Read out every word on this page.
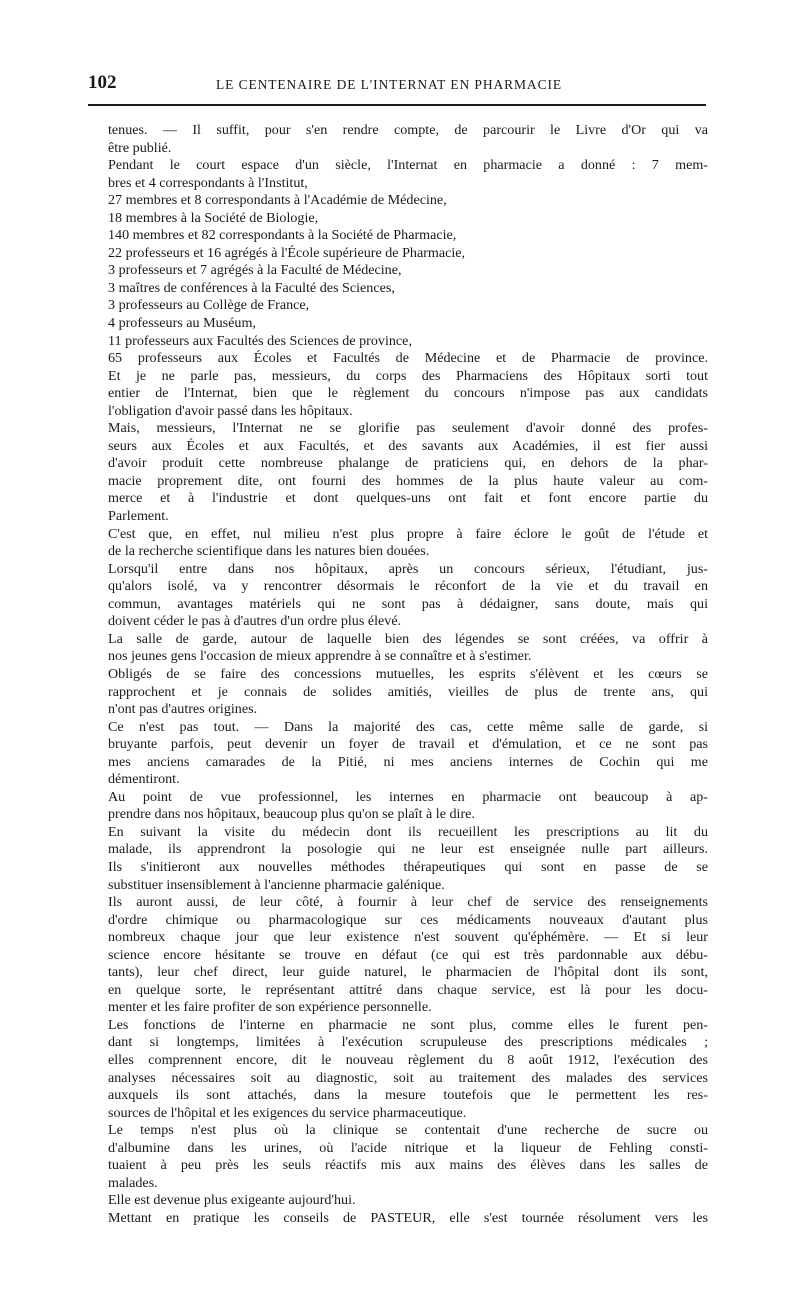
102	LE CENTENAIRE DE L'INTERNAT EN PHARMACIE
tenues. — Il suffit, pour s'en rendre compte, de parcourir le Livre d'Or qui va
être publié.
Pendant le court espace d'un siècle, l'Internat en pharmacie a donné : 7 mem-
bres et 4 correspondants à l'Institut,
27 membres et 8 correspondants à l'Académie de Médecine,
18 membres à la Société de Biologie,
140 membres et 82 correspondants à la Société de Pharmacie,
22 professeurs et 16 agrégés à l'École supérieure de Pharmacie,
3 professeurs et 7 agrégés à la Faculté de Médecine,
3 maîtres de conférences à la Faculté des Sciences,
3 professeurs au Collège de France,
4 professeurs au Muséum,
11 professeurs aux Facultés des Sciences de province,
65 professeurs aux Écoles et Facultés de Médecine et de Pharmacie de province.
Et je ne parle pas, messieurs, du corps des Pharmaciens des Hôpitaux sorti tout
entier de l'Internat, bien que le règlement du concours n'impose pas aux candidats
l'obligation d'avoir passé dans les hôpitaux.
Mais, messieurs, l'Internat ne se glorifie pas seulement d'avoir donné des profes-
seurs aux Écoles et aux Facultés, et des savants aux Académies, il est fier aussi
d'avoir produit cette nombreuse phalange de praticiens qui, en dehors de la phar-
macie proprement dite, ont fourni des hommes de la plus haute valeur au com-
merce et à l'industrie et dont quelques-uns ont fait et font encore partie du
Parlement.
C'est que, en effet, nul milieu n'est plus propre à faire éclore le goût de l'étude et
de la recherche scientifique dans les natures bien douées.
Lorsqu'il entre dans nos hôpitaux, après un concours sérieux, l'étudiant, jus-
qu'alors isolé, va y rencontrer désormais le réconfort de la vie et du travail en
commun, avantages matériels qui ne sont pas à dédaigner, sans doute, mais qui
doivent céder le pas à d'autres d'un ordre plus élevé.
La salle de garde, autour de laquelle bien des légendes se sont créées, va offrir à
nos jeunes gens l'occasion de mieux apprendre à se connaître et à s'estimer.
Obligés de se faire des concessions mutuelles, les esprits s'élèvent et les cœurs se
rapprochent et je connais de solides amitiés, vieilles de plus de trente ans, qui
n'ont pas d'autres origines.
Ce n'est pas tout. — Dans la majorité des cas, cette même salle de garde, si
bruyante parfois, peut devenir un foyer de travail et d'émulation, et ce ne sont pas
mes anciens camarades de la Pitié, ni mes anciens internes de Cochin qui me
démentiront.
Au point de vue professionnel, les internes en pharmacie ont beaucoup à ap-
prendre dans nos hôpitaux, beaucoup plus qu'on se plaît à le dire.
En suivant la visite du médecin dont ils recueillent les prescriptions au lit du
malade, ils apprendront la posologie qui ne leur est enseignée nulle part ailleurs.
Ils s'initieront aux nouvelles méthodes thérapeutiques qui sont en passe de se
substituer insensiblement à l'ancienne pharmacie galénique.
Ils auront aussi, de leur côté, à fournir à leur chef de service des renseignements
d'ordre chimique ou pharmacologique sur ces médicaments nouveaux d'autant plus
nombreux chaque jour que leur existence n'est souvent qu'éphémère. — Et si leur
science encore hésitante se trouve en défaut (ce qui est très pardonnable aux débu-
tants), leur chef direct, leur guide naturel, le pharmacien de l'hôpital dont ils sont,
en quelque sorte, le représentant attitré dans chaque service, est là pour les docu-
menter et les faire profiter de son expérience personnelle.
Les fonctions de l'interne en pharmacie ne sont plus, comme elles le furent pen-
dant si longtemps, limitées à l'exécution scrupuleuse des prescriptions médicales ;
elles comprennent encore, dit le nouveau règlement du 8 août 1912, l'exécution des
analyses nécessaires soit au diagnostic, soit au traitement des malades des services
auxquels ils sont attachés, dans la mesure toutefois que le permettent les res-
sources de l'hôpital et les exigences du service pharmaceutique.
Le temps n'est plus où la clinique se contentait d'une recherche de sucre ou
d'albumine dans les urines, où l'acide nitrique et la liqueur de Fehling consti-
tuaient à peu près les seuls réactifs mis aux mains des élèves dans les salles de
malades.
Elle est devenue plus exigeante aujourd'hui.
Mettant en pratique les conseils de PASTEUR, elle s'est tournée résolument vers les
